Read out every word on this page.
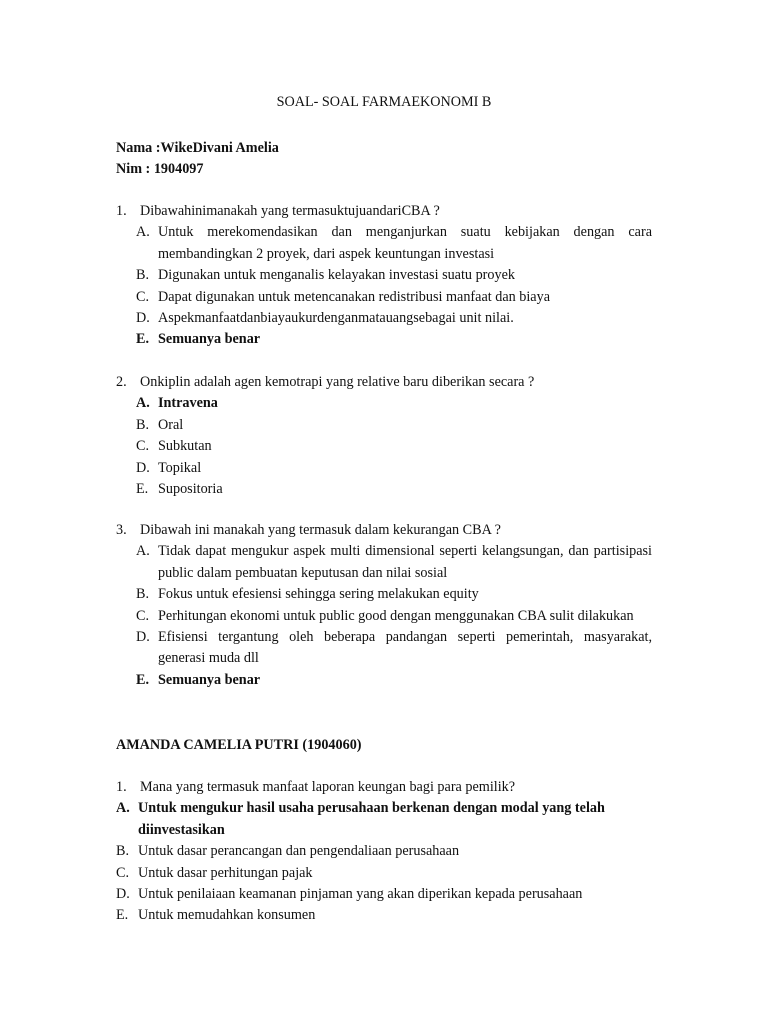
SOAL- SOAL FARMAEKONOMI B
Nama :WikeDivani Amelia
Nim : 1904097
1. Dibawahinimanakah yang termasuktujuandariCBA ?
A. Untuk merekomendasikan dan menganjurkan suatu kebijakan dengan cara membandingkan 2 proyek, dari aspek keuntungan investasi
B. Digunakan untuk menganalis kelayakan investasi suatu proyek
C. Dapat digunakan untuk metencanakan redistribusi manfaat dan biaya
D. Aspekmanfaatdanbiayaukurdenganmatauangsebagai unit nilai.
E. Semuanya benar
2. Onkiplin adalah agen kemotrapi yang relative baru diberikan secara ?
A. Intravena
B. Oral
C. Subkutan
D. Topikal
E. Supositoria
3. Dibawah ini manakah yang termasuk dalam kekurangan CBA ?
A. Tidak dapat mengukur aspek multi dimensional seperti kelangsungan, dan partisipasi public dalam pembuatan keputusan dan nilai sosial
B. Fokus untuk efesiensi sehingga sering melakukan equity
C. Perhitungan ekonomi untuk public good dengan menggunakan CBA sulit dilakukan
D. Efisiensi tergantung oleh beberapa pandangan seperti pemerintah, masyarakat, generasi muda dll
E. Semuanya benar
AMANDA CAMELIA PUTRI (1904060)
1. Mana yang termasuk manfaat laporan keungan bagi para pemilik?
A. Untuk mengukur hasil usaha perusahaan berkenan dengan modal yang telah diinvestasikan
B. Untuk dasar perancangan dan pengendaliaan perusahaan
C. Untuk dasar perhitungan pajak
D. Untuk penilaiaan keamanan pinjaman yang akan diperikan kepada perusahaan
E. Untuk memudahkan konsumen
